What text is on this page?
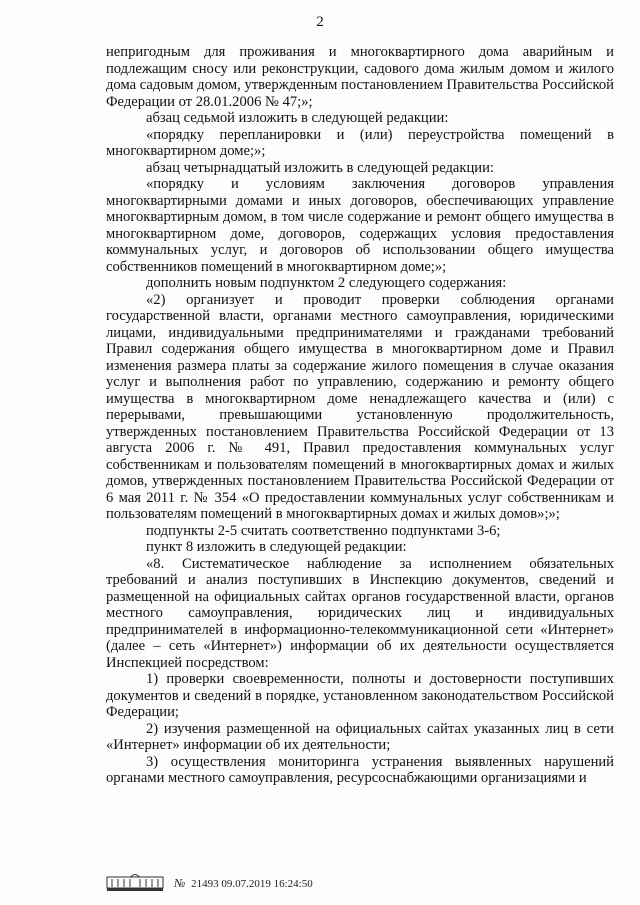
2

непригодным для проживания и многоквартирного дома аварийным и подлежащим сносу или реконструкции, садового дома жилым домом и жилого дома садовым домом, утвержденным постановлением Правительства Российской Федерации от 28.01.2006 № 47;»;

абзац седьмой изложить в следующей редакции:

«порядку перепланировки и (или) переустройства помещений в многоквартирном доме;»;

абзац четырнадцатый изложить в следующей редакции:

«порядку и условиям заключения договоров управления многоквартирными домами и иных договоров, обеспечивающих управление многоквартирным домом, в том числе содержание и ремонт общего имущества в многоквартирном доме, договоров, содержащих условия предоставления коммунальных услуг, и договоров об использовании общего имущества собственников помещений в многоквартирном доме;»;

дополнить новым подпунктом 2 следующего содержания:

«2) организует и проводит проверки соблюдения органами государственной власти, органами местного самоуправления, юридическими лицами, индивидуальными предпринимателями и гражданами требований Правил содержания общего имущества в многоквартирном доме и Правил изменения размера платы за содержание жилого помещения в случае оказания услуг и выполнения работ по управлению, содержанию и ремонту общего имущества в многоквартирном доме ненадлежащего качества и (или) с перерывами, превышающими установленную продолжительность, утвержденных постановлением Правительства Российской Федерации от 13 августа 2006 г. № 491, Правил предоставления коммунальных услуг собственникам и пользователям помещений в многоквартирных домах и жилых домов, утвержденных постановлением Правительства Российской Федерации от 6 мая 2011 г. № 354 «О предоставлении коммунальных услуг собственникам и пользователям помещений в многоквартирных домах и жилых домов»;»;

подпункты 2-5 считать соответственно подпунктами 3-6;

пункт 8 изложить в следующей редакции:

«8. Систематическое наблюдение за исполнением обязательных требований и анализ поступивших в Инспекцию документов, сведений и размещенной на официальных сайтах органов государственной власти, органов местного самоуправления, юридических лиц и индивидуальных предпринимателей в информационно-телекоммуникационной сети «Интернет» (далее – сеть «Интернет») информации об их деятельности осуществляется Инспекцией посредством:

1) проверки своевременности, полноты и достоверности поступивших документов и сведений в порядке, установленном законодательством Российской Федерации;

2) изучения размещенной на официальных сайтах указанных лиц в сети «Интернет» информации об их деятельности;

3) осуществления мониторинга устранения выявленных нарушений органами местного самоуправления, ресурсоснабжающими организациями и

№ 21493 09.07.2019 16:24:50
